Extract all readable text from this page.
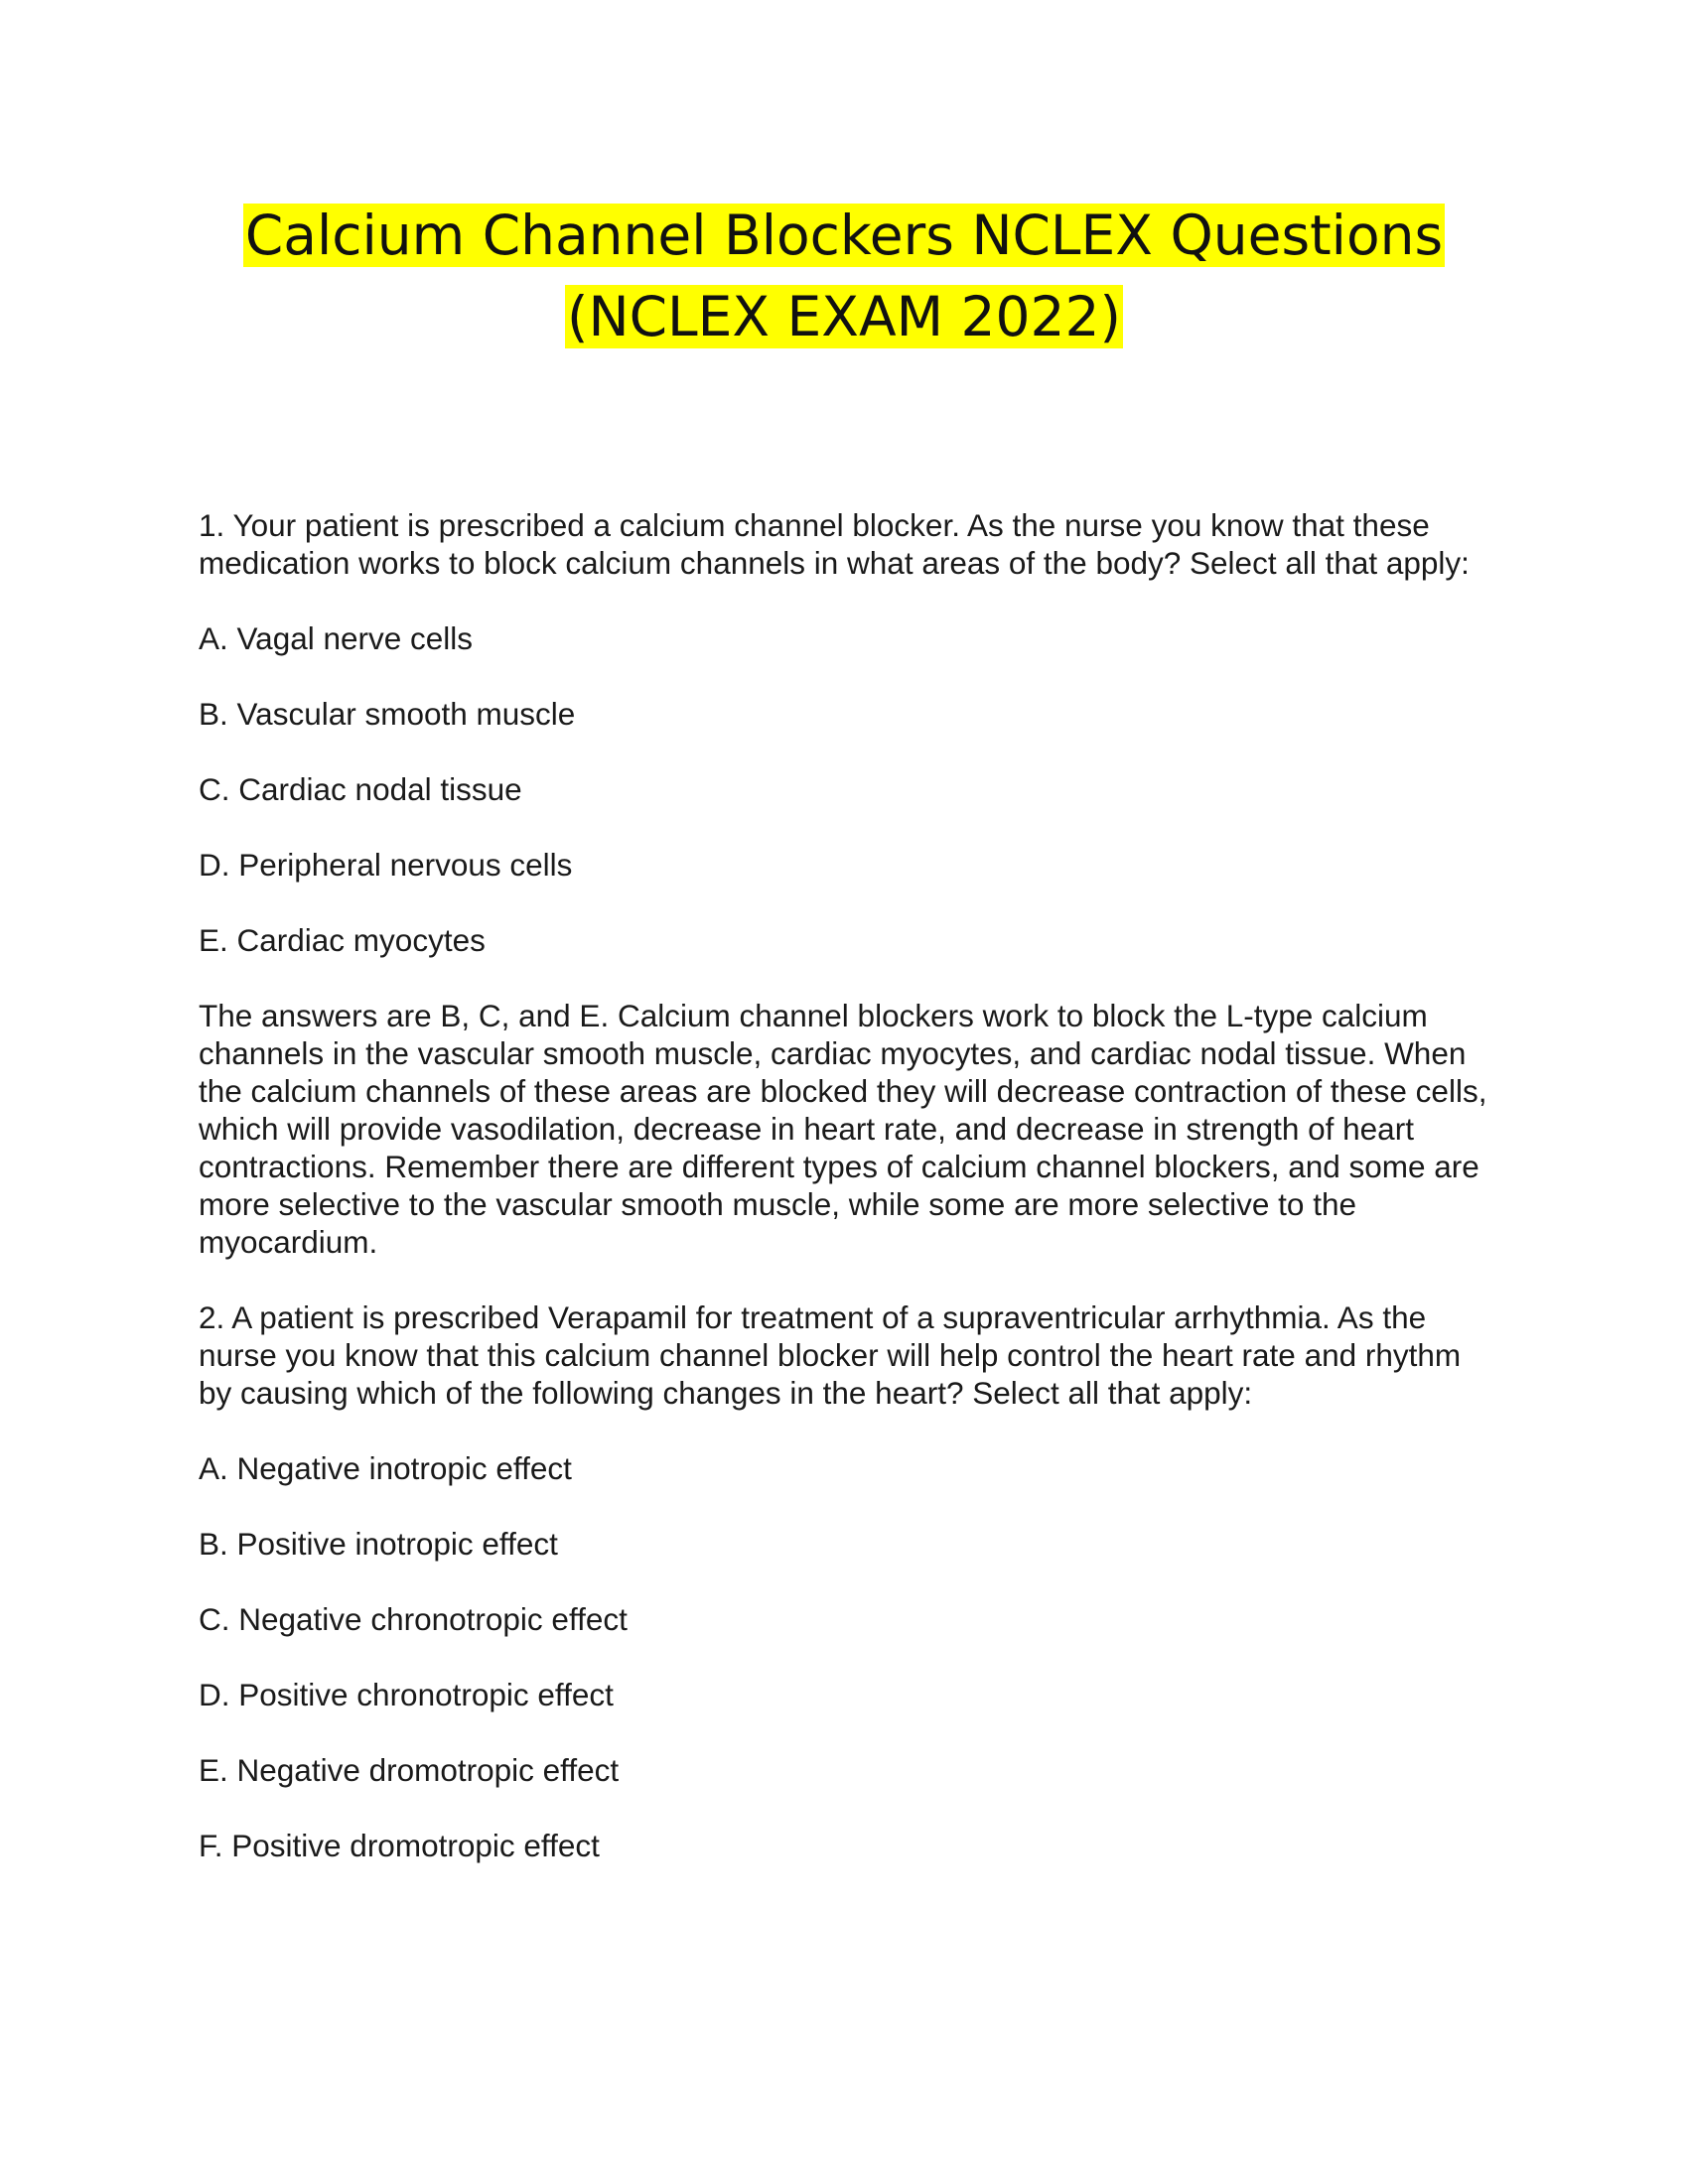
Calcium Channel Blockers NCLEX Questions
(NCLEX EXAM 2022)

1. Your patient is prescribed a calcium channel blocker. As the nurse you know that these medication works to block calcium channels in what areas of the body? Select all that apply:

A. Vagal nerve cells

B. Vascular smooth muscle

C. Cardiac nodal tissue

D. Peripheral nervous cells

E. Cardiac myocytes

The answers are B, C, and E. Calcium channel blockers work to block the L-type calcium channels in the vascular smooth muscle, cardiac myocytes, and cardiac nodal tissue. When the calcium channels of these areas are blocked they will decrease contraction of these cells, which will provide vasodilation, decrease in heart rate, and decrease in strength of heart contractions. Remember there are different types of calcium channel blockers, and some are more selective to the vascular smooth muscle, while some are more selective to the myocardium.

2. A patient is prescribed Verapamil for treatment of a supraventricular arrhythmia. As the nurse you know that this calcium channel blocker will help control the heart rate and rhythm by causing which of the following changes in the heart? Select all that apply:

A. Negative inotropic effect

B. Positive inotropic effect

C. Negative chronotropic effect

D. Positive chronotropic effect

E. Negative dromotropic effect

F. Positive dromotropic effect
